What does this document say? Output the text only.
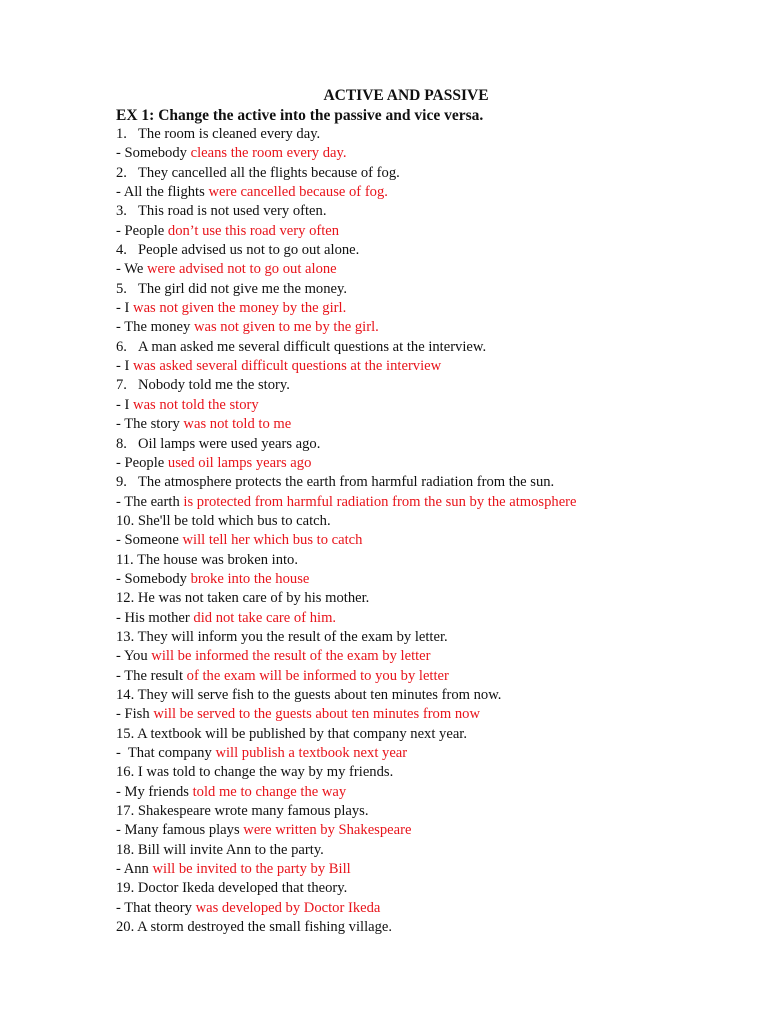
ACTIVE AND PASSIVE
EX 1: Change the active into the passive and vice versa.
1. The room is cleaned every day.
- Somebody cleans the room every day.
2. They cancelled all the flights because of fog.
- All the flights were cancelled because of fog.
3. This road is not used very often.
- People don’t use this road very often
4. People advised us not to go out alone.
- We were advised not to go out alone
5. The girl did not give me the money.
- I was not given the money by the girl.
- The money was not given to me by the girl.
6. A man asked me several difficult questions at the interview.
- I was asked several difficult questions at the interview
7. Nobody told me the story.
- I was not told the story
- The story was not told to me
8. Oil lamps were used years ago.
- People used oil lamps years ago
9. The atmosphere protects the earth from harmful radiation from the sun.
- The earth is protected from harmful radiation from the sun by the atmosphere
10. She'll be told which bus to catch.
- Someone will tell her which bus to catch
11. The house was broken into.
- Somebody broke into the house
12. He was not taken care of by his mother.
- His mother did not take care of him.
13. They will inform you the result of the exam by letter.
- You will be informed the result of the exam by letter
- The result of the exam will be informed to you by letter
14. They will serve fish to the guests about ten minutes from now.
- Fish will be served to the guests about ten minutes from now
15. A textbook will be published by that company next year.
-  That company will publish a textbook next year
16. I was told to change the way by my friends.
- My friends told me to change the way
17. Shakespeare wrote many famous plays.
- Many famous plays were written by Shakespeare
18. Bill will invite Ann to the party.
- Ann will be invited to the party by Bill
19. Doctor Ikeda developed that theory.
- That theory was developed by Doctor Ikeda
20. A storm destroyed the small fishing village.
